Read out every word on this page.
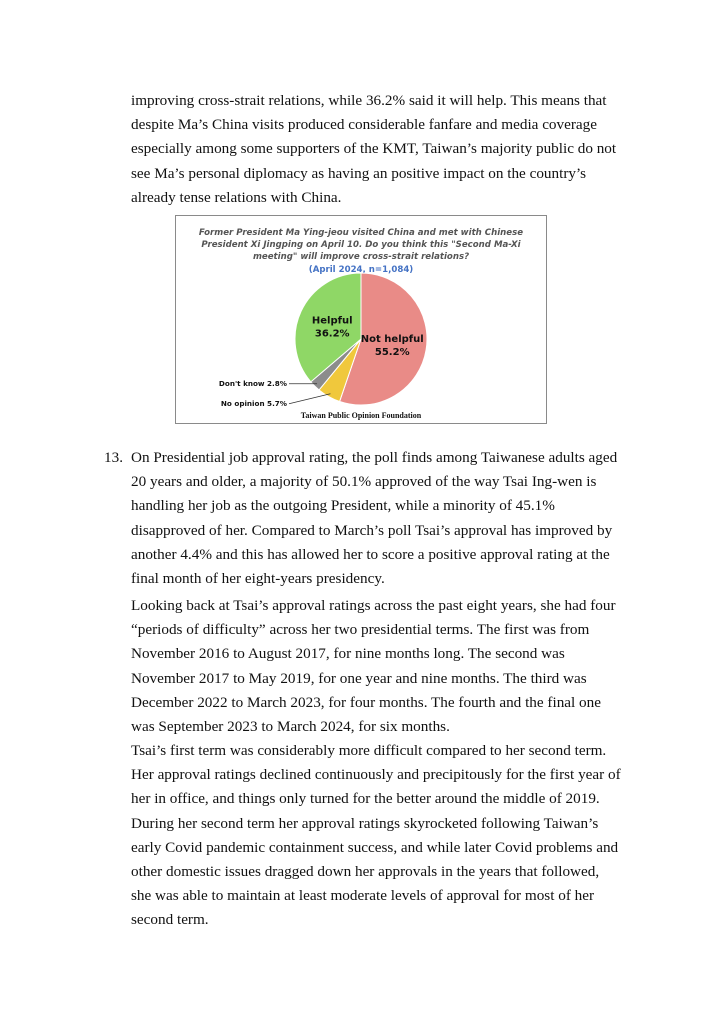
improving cross-strait relations, while 36.2% said it will help. This means that despite Ma’s China visits produced considerable fanfare and media coverage especially among some supporters of the KMT, Taiwan’s majority public do not see Ma’s personal diplomacy as having an positive impact on the country’s already tense relations with China.

Former President Ma Ying-jeou visited China and met with Chinese
President Xi Jingping on April 10. Do you think this "Second Ma-Xi
meeting" will improve cross-strait relations?
(April 2024, n=1,084)
Not helpful
55.2%
No opinion 5.7%
Don't know 2.8%
Helpful
36.2%
Taiwan Public Opinion Foundation
13. On Presidential job approval rating, the poll finds among Taiwanese adults aged 20 years and older, a majority of 50.1% approved of the way Tsai Ing-wen is handling her job as the outgoing President, while a minority of 45.1% disapproved of her. Compared to March’s poll Tsai’s approval has improved by another 4.4% and this has allowed her to score a positive approval rating at the final month of her eight-years presidency.

Looking back at Tsai’s approval ratings across the past eight years, she had four “periods of difficulty” across her two presidential terms. The first was from November 2016 to August 2017, for nine months long. The second was November 2017 to May 2019, for one year and nine months. The third was December 2022 to March 2023, for four months. The fourth and the final one was September 2023 to March 2024, for six months.

Tsai’s first term was considerably more difficult compared to her second term. Her approval ratings declined continuously and precipitously for the first year of her in office, and things only turned for the better around the middle of 2019. During her second term her approval ratings skyrocketed following Taiwan’s early Covid pandemic containment success, and while later Covid problems and other domestic issues dragged down her approvals in the years that followed, she was able to maintain at least moderate levels of approval for most of her second term.
